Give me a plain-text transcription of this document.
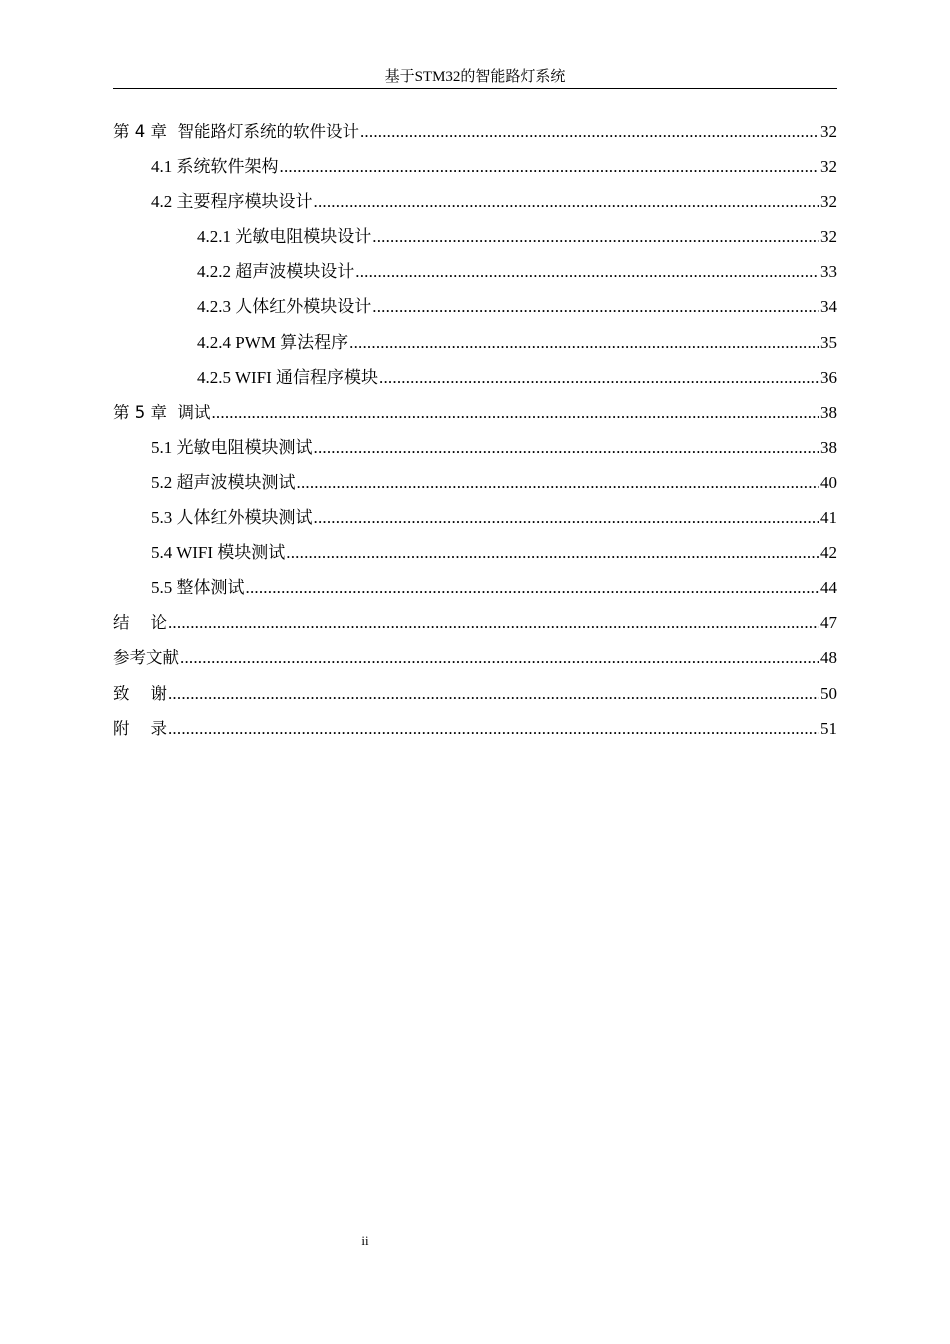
基于STM32的智能路灯系统
第 4 章  智能路灯系统的软件设计 .....	32
4.1 系统软件架构 .....	32
4.2 主要程序模块设计 .....	32
4.2.1 光敏电阻模块设计 .....	32
4.2.2 超声波模块设计 .....	33
4.2.3 人体红外模块设计 .....	34
4.2.4 PWM 算法程序 .....	35
4.2.5 WIFI 通信程序模块 .....	36
第 5 章  调试 .....	38
5.1 光敏电阻模块测试 .....	38
5.2 超声波模块测试 .....	40
5.3 人体红外模块测试 .....	41
5.4 WIFI 模块测试 .....	42
5.5 整体测试 .....	44
结    论 .....	47
参考文献 .....	48
致    谢 .....	50
附    录 .....	51
ii
